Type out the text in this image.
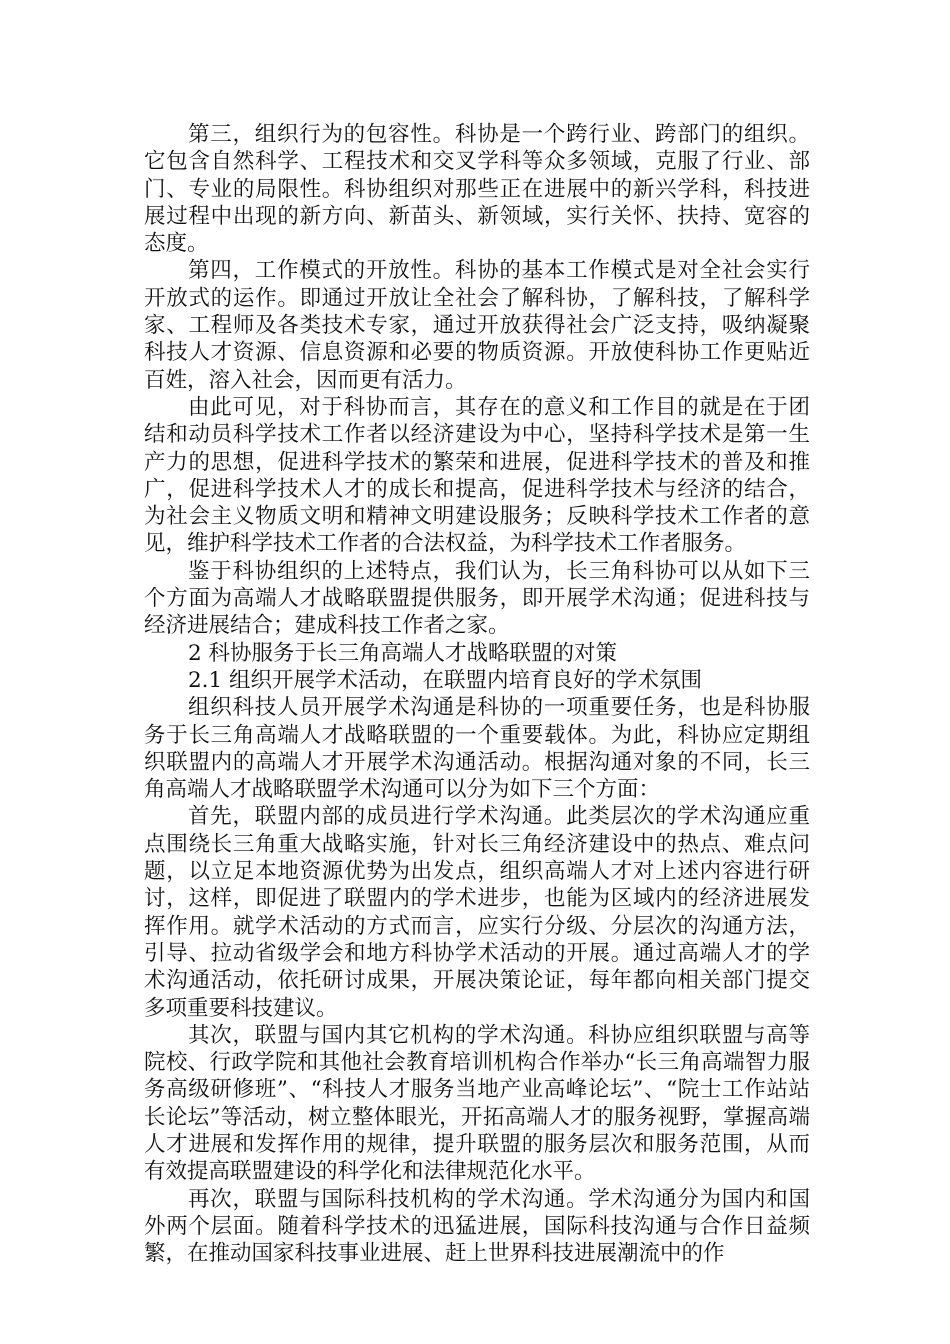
第三，组织行为的包容性。科协是一个跨行业、跨部门的组织。它包含自然科学、工程技术和交叉学科等众多领域，克服了行业、部门、专业的局限性。科协组织对那些正在进展中的新兴学科，科技进展过程中出现的新方向、新苗头、新领域，实行关怀、扶持、宽容的态度。

第四，工作模式的开放性。科协的基本工作模式是对全社会实行开放式的运作。即通过开放让全社会了解科协，了解科技，了解科学家、工程师及各类技术专家，通过开放获得社会广泛支持，吸纳凝聚科技人才资源、信息资源和必要的物质资源。开放使科协工作更贴近百姓，溶入社会，因而更有活力。

由此可见，对于科协而言，其存在的意义和工作目的就是在于团结和动员科学技术工作者以经济建设为中心，坚持科学技术是第一生产力的思想，促进科学技术的繁荣和进展，促进科学技术的普及和推广，促进科学技术人才的成长和提高，促进科学技术与经济的结合，为社会主义物质文明和精神文明建设服务；反映科学技术工作者的意见，维护科学技术工作者的合法权益，为科学技术工作者服务。

鉴于科协组织的上述特点，我们认为，长三角科协可以从如下三个方面为高端人才战略联盟提供服务，即开展学术沟通；促进科技与经济进展结合；建成科技工作者之家。

2 科协服务于长三角高端人才战略联盟的对策

2.1 组织开展学术活动，在联盟内培育良好的学术氛围

组织科技人员开展学术沟通是科协的一项重要任务，也是科协服务于长三角高端人才战略联盟的一个重要载体。为此，科协应定期组织联盟内的高端人才开展学术沟通活动。根据沟通对象的不同，长三角高端人才战略联盟学术沟通可以分为如下三个方面：

首先，联盟内部的成员进行学术沟通。此类层次的学术沟通应重点围绕长三角重大战略实施，针对长三角经济建设中的热点、难点问题，以立足本地资源优势为出发点，组织高端人才对上述内容进行研讨，这样，即促进了联盟内的学术进步，也能为区域内的经济进展发挥作用。就学术活动的方式而言，应实行分级、分层次的沟通方法，引导、拉动省级学会和地方科协学术活动的开展。通过高端人才的学术沟通活动，依托研讨成果，开展决策论证，每年都向相关部门提交多项重要科技建议。

其次，联盟与国内其它机构的学术沟通。科协应组织联盟与高等院校、行政学院和其他社会教育培训机构合作举办“长三角高端智力服务高级研修班”、“科技人才服务当地产业高峰论坛”、“院士工作站站长论坛”等活动，树立整体眼光，开拓高端人才的服务视野，掌握高端人才进展和发挥作用的规律，提升联盟的服务层次和服务范围，从而有效提高联盟建设的科学化和法律规范化水平。

再次，联盟与国际科技机构的学术沟通。学术沟通分为国内和国外两个层面。随着科学技术的迅猛进展，国际科技沟通与合作日益频繁，在推动国家科技事业进展、赶上世界科技进展潮流中的作
